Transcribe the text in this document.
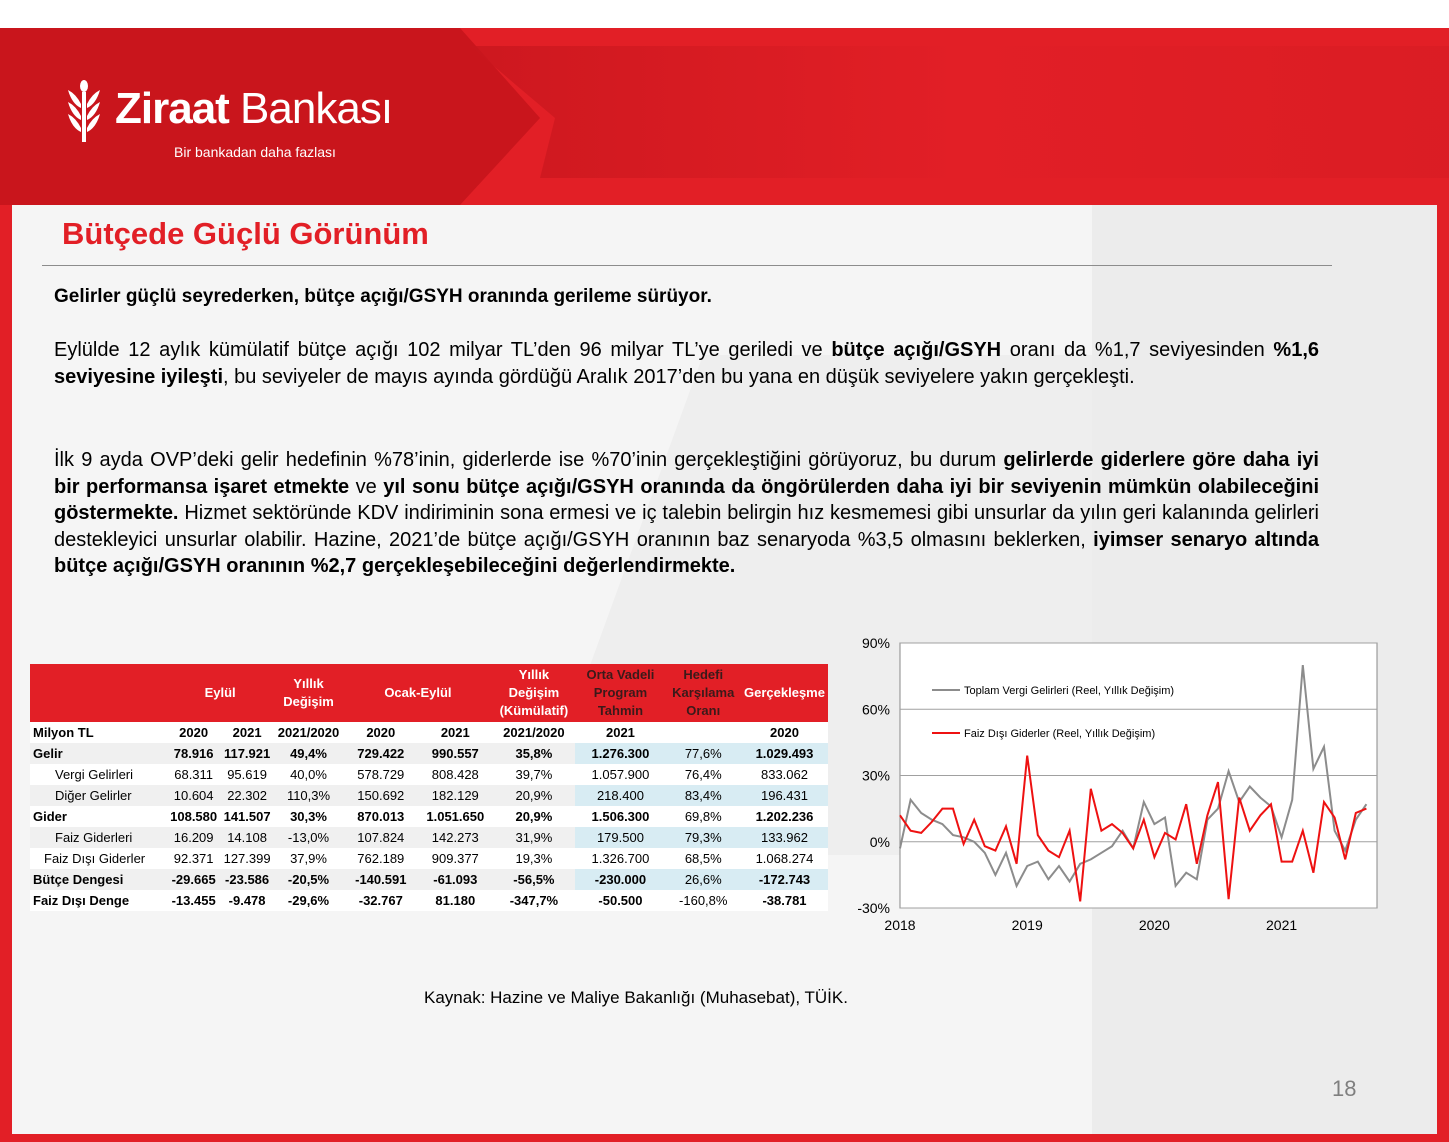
Ziraat Bankası
Bir bankadan daha fazlası
Bütçede Güçlü Görünüm
Gelirler güçlü seyrederken, bütçe açığı/GSYH oranında gerileme sürüyor.
Eylülde 12 aylık kümülatif bütçe açığı 102 milyar TL’den 96 milyar TL’ye geriledi ve bütçe açığı/GSYH oranı da %1,7 seviyesinden %1,6 seviyesine iyileşti, bu seviyeler de mayıs ayında gördüğü Aralık 2017’den bu yana en düşük seviyelere yakın gerçekleşti.
İlk 9 ayda OVP’deki gelir hedefinin %78’inin, giderlerde ise %70’inin gerçekleştiğini görüyoruz, bu durum gelirlerde giderlere göre daha iyi bir performansa işaret etmekte ve yıl sonu bütçe açığı/GSYH oranında da öngörülerden daha iyi bir seviyenin mümkün olabileceğini göstermekte. Hizmet sektöründe KDV indiriminin sona ermesi ve iç talebin belirgin hız kesmemesi gibi unsurlar da yılın geri kalanında gelirleri destekleyici unsurlar olabilir. Hazine, 2021’de bütçe açığı/GSYH oranının baz senaryoda %3,5 olmasını beklerken, iyimser senaryo altında bütçe açığı/GSYH oranının %2,7 gerçekleşebileceğini değerlendirmekte.
	Eylül		Yıllık Değişim	Ocak-Eylül		Yıllık Değişim (Kümülatif)	Orta Vadeli Program Tahmin	Hedefi Karşılama Oranı	Gerçekleşme
Milyon TL	2020	2021	2021/2020	2020	2021	2021/2020	2021		2020
Gelir	78.916	117.921	49,4%	729.422	990.557	35,8%	1.276.300	77,6%	1.029.493
Vergi Gelirleri	68.311	95.619	40,0%	578.729	808.428	39,7%	1.057.900	76,4%	833.062
Diğer Gelirler	10.604	22.302	110,3%	150.692	182.129	20,9%	218.400	83,4%	196.431
Gider	108.580	141.507	30,3%	870.013	1.051.650	20,9%	1.506.300	69,8%	1.202.236
Faiz Giderleri	16.209	14.108	-13,0%	107.824	142.273	31,9%	179.500	79,3%	133.962
Faiz Dışı Giderler	92.371	127.399	37,9%	762.189	909.377	19,3%	1.326.700	68,5%	1.068.274
Bütçe Dengesi	-29.665	-23.586	-20,5%	-140.591	-61.093	-56,5%	-230.000	26,6%	-172.743
Faiz Dışı Denge	-13.455	-9.478	-29,6%	-32.767	81.180	-347,7%	-50.500	-160,8%	-38.781
90%
60%
30%
0%
-30%
2018	2019	2020	2021
Toplam Vergi Gelirleri (Reel, Yıllık Değişim)
Faiz Dışı Giderler (Reel, Yıllık Değişim)
Kaynak: Hazine ve Maliye Bakanlığı (Muhasebat), TÜİK.
18
